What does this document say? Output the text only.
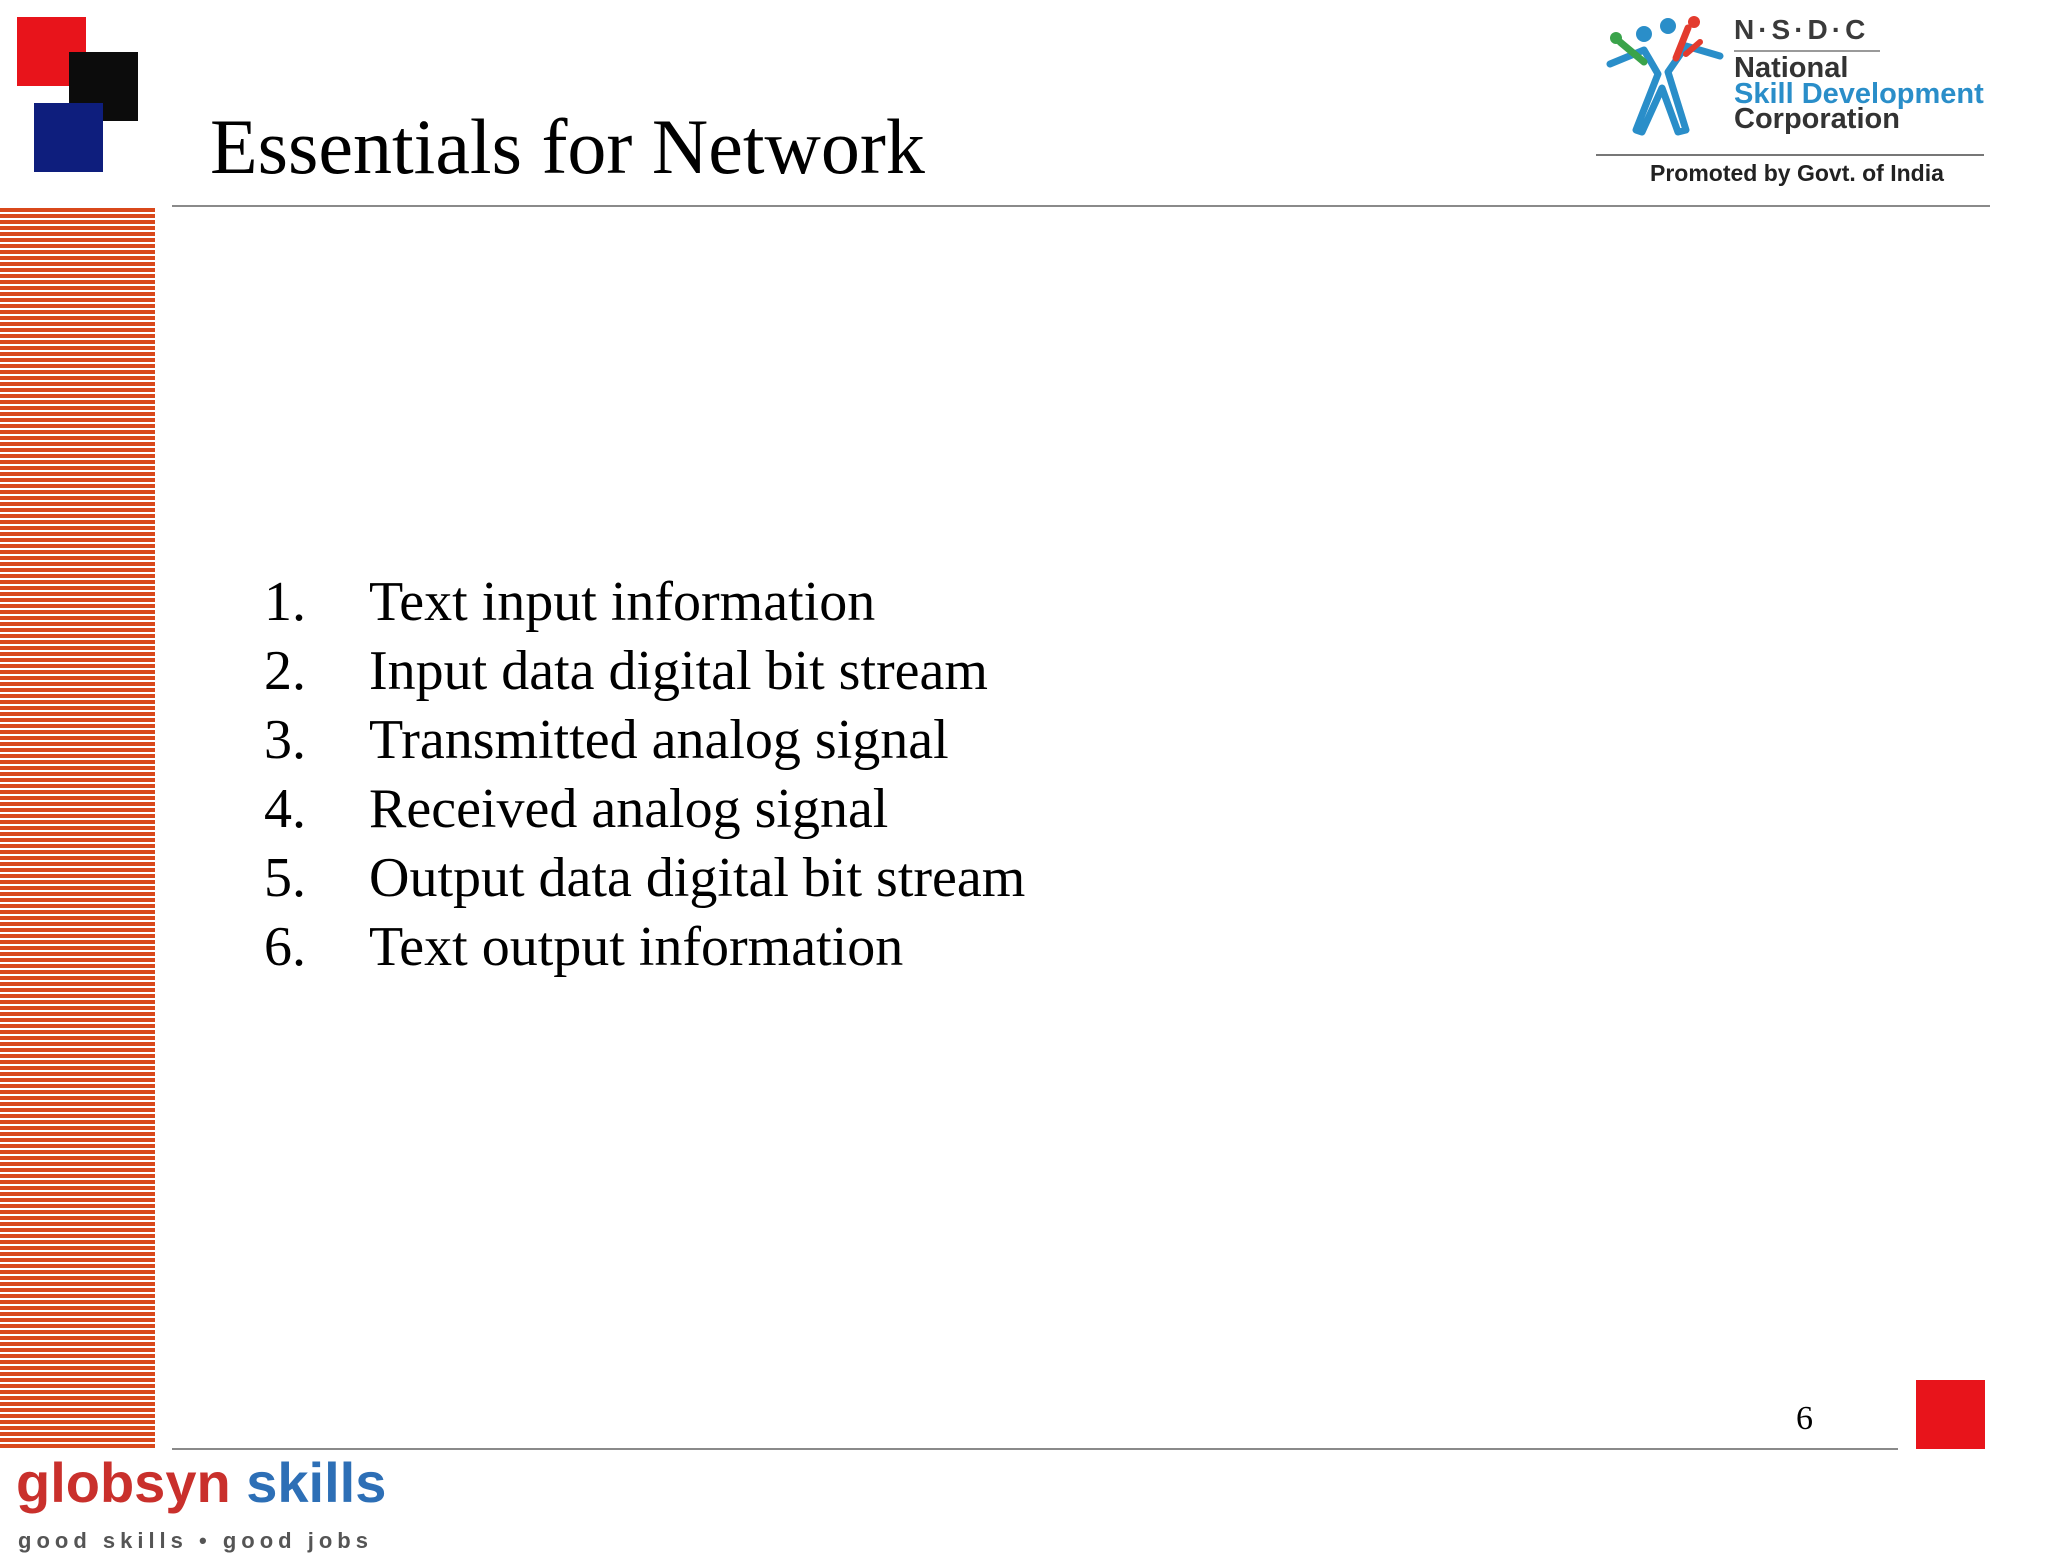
Essentials for Network
N·S·D·C
National
Skill Development
Corporation
Promoted by Govt. of India
1.	Text input information
2.	Input data digital bit stream
3.	Transmitted analog signal
4.	Received analog signal
5.	Output data digital bit stream
6.	Text output information
6
globsyn skills
good skills • good jobs
